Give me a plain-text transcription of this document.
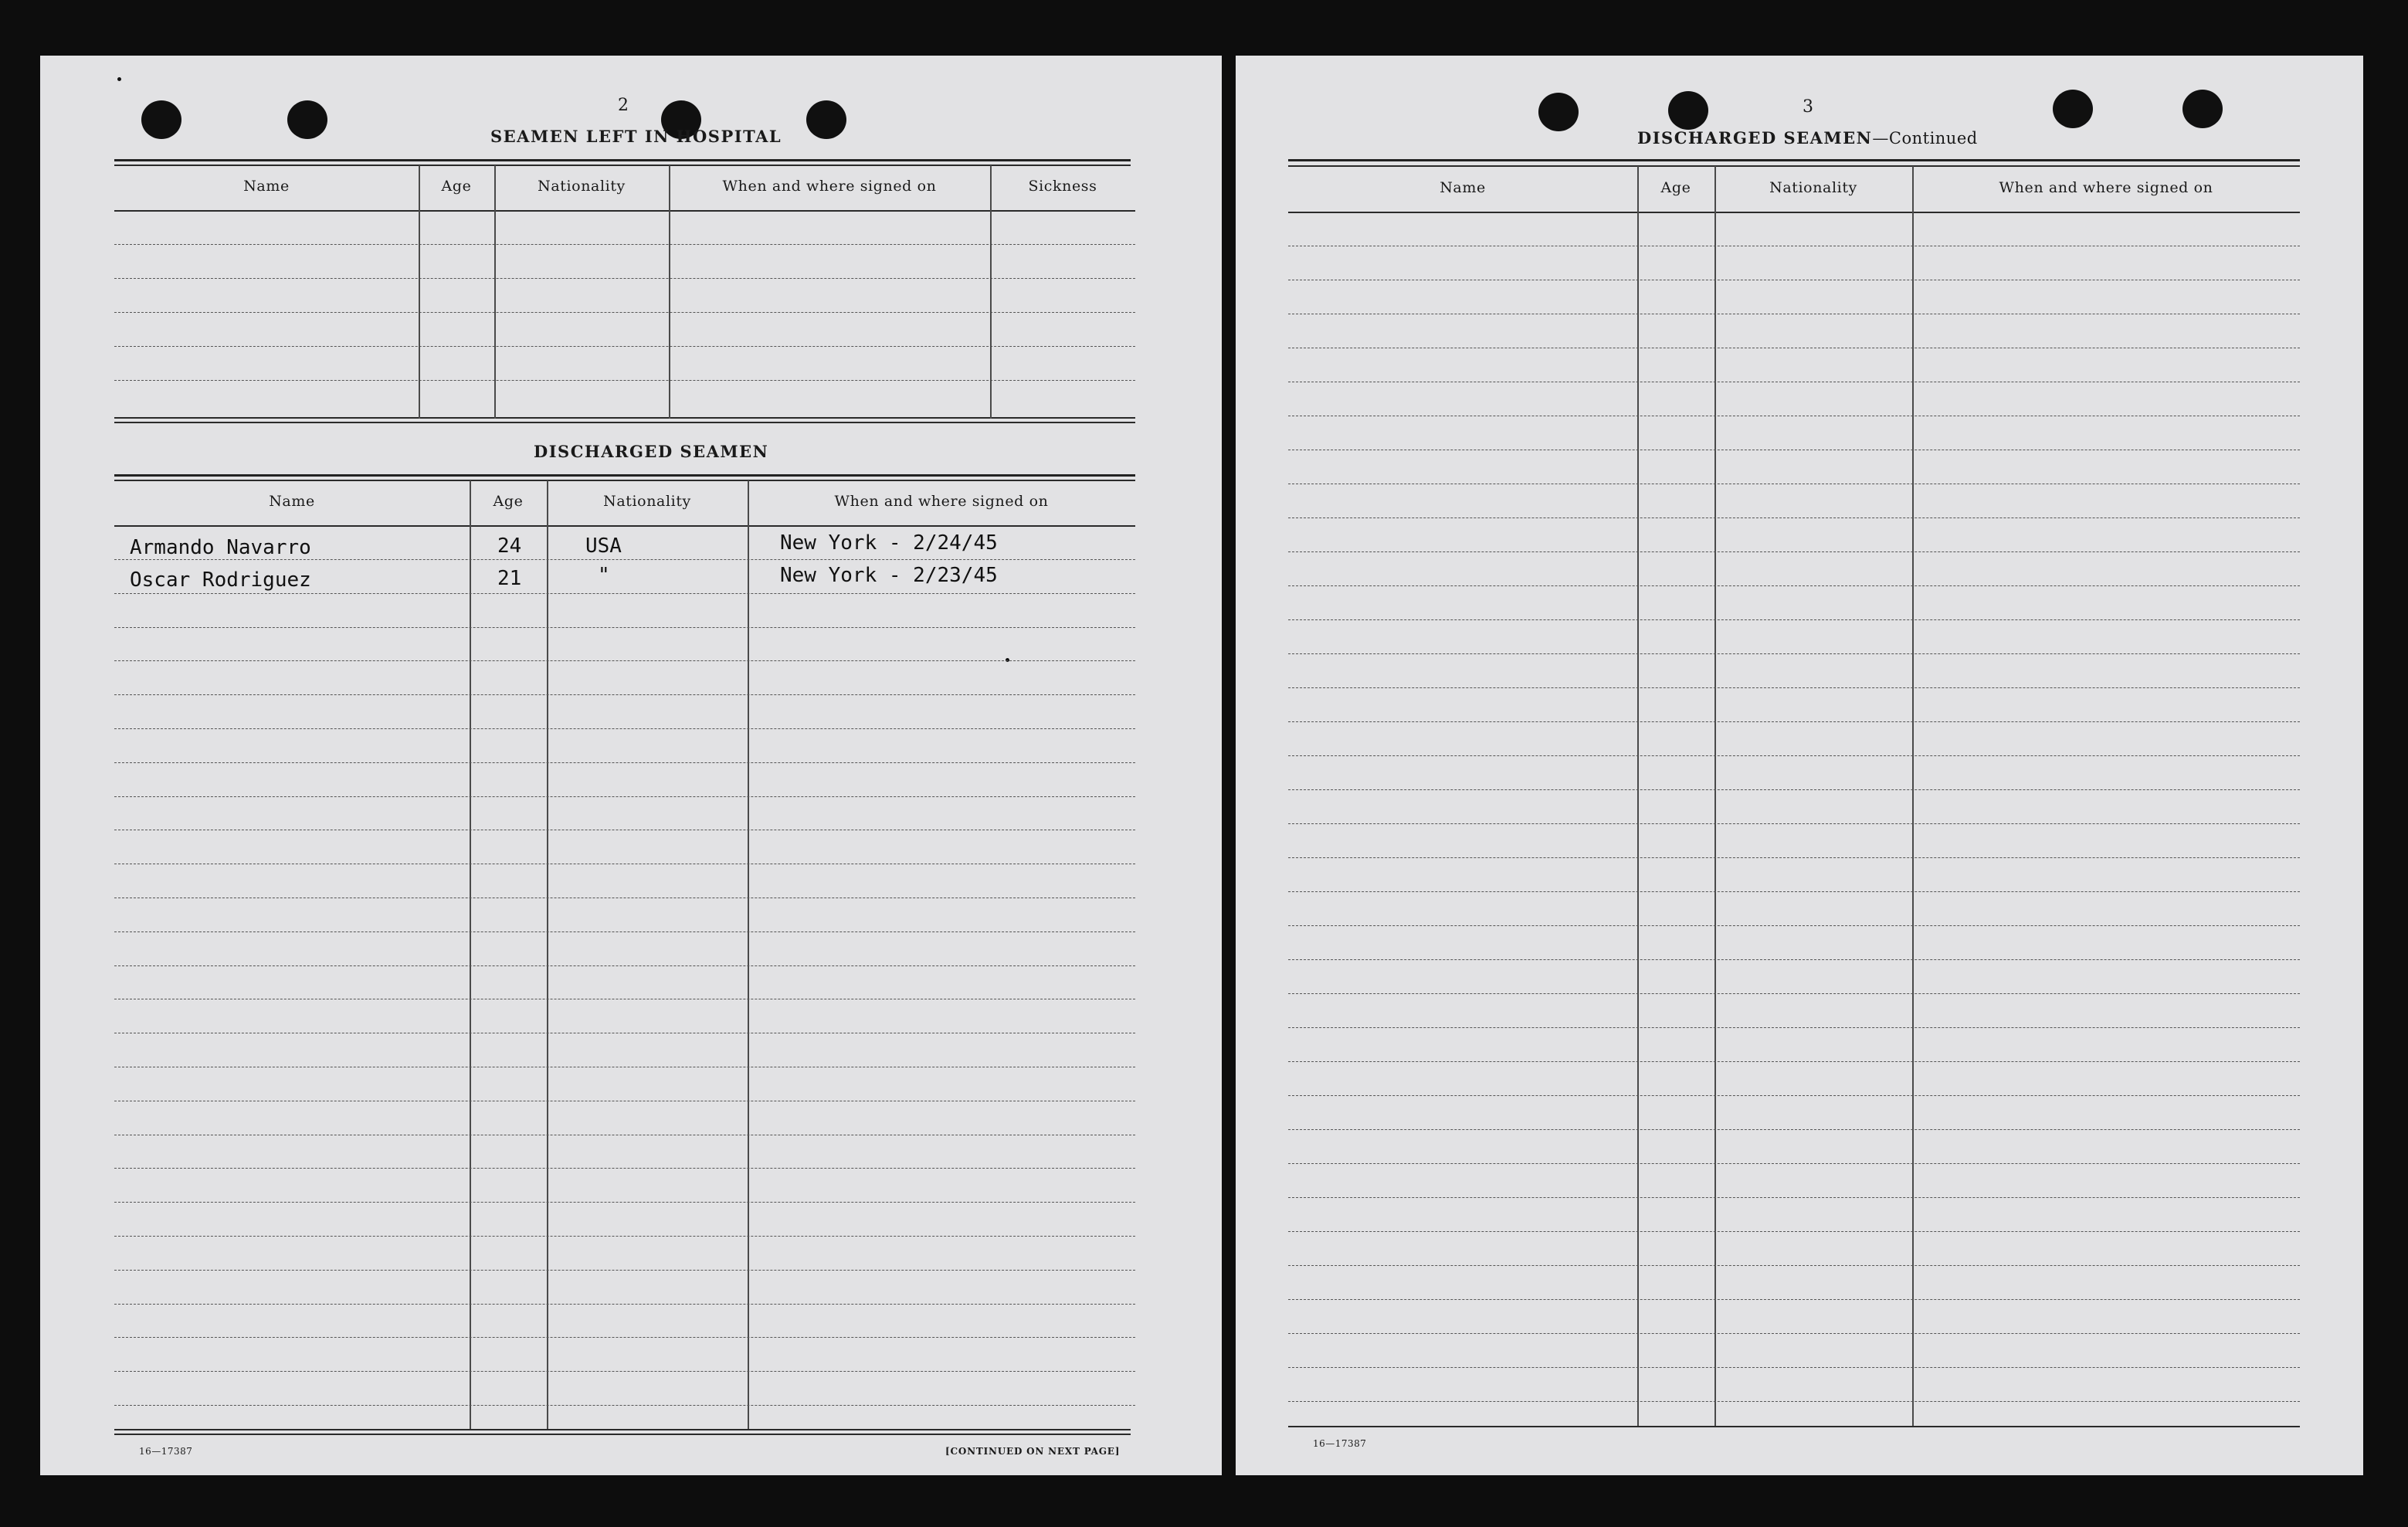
2
SEAMEN LEFT IN HOSPITAL
Name	Age	Nationality	When and where signed on	Sickness
DISCHARGED SEAMEN
Name	Age	Nationality	When and where signed on
Armando Navarro	24	USA	New York - 2/24/45
Oscar Rodriguez	21	"	New York - 2/23/45
16—17387	[CONTINUED ON NEXT PAGE]
3
DISCHARGED SEAMEN—Continued
Name	Age	Nationality	When and where signed on
16—17387
